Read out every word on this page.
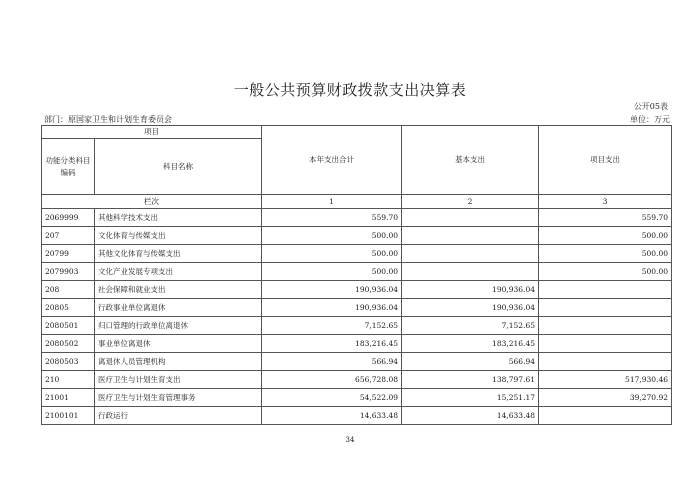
一般公共预算财政拨款支出决算表
公开05表
部门：原国家卫生和计划生育委员会	单位：万元
项目		本年支出合计	基本支出	项目支出
功能分类科目编码	科目名称			
栏次		1	2	3
2069999	其他科学技术支出	559.70		559.70
207	文化体育与传媒支出	500.00		500.00
20799	其他文化体育与传媒支出	500.00		500.00
2079903	文化产业发展专项支出	500.00		500.00
208	社会保障和就业支出	190,936.04	190,936.04	
20805	行政事业单位离退休	190,936.04	190,936.04	
2080501	归口管理的行政单位离退休	7,152.65	7,152.65	
2080502	事业单位离退休	183,216.45	183,216.45	
2080503	离退休人员管理机构	566.94	566.94	
210	医疗卫生与计划生育支出	656,728.08	138,797.61	517,930.46
21001	医疗卫生与计划生育管理事务	54,522.09	15,251.17	39,270.92
2100101	行政运行	14,633.48	14,633.48	
34
